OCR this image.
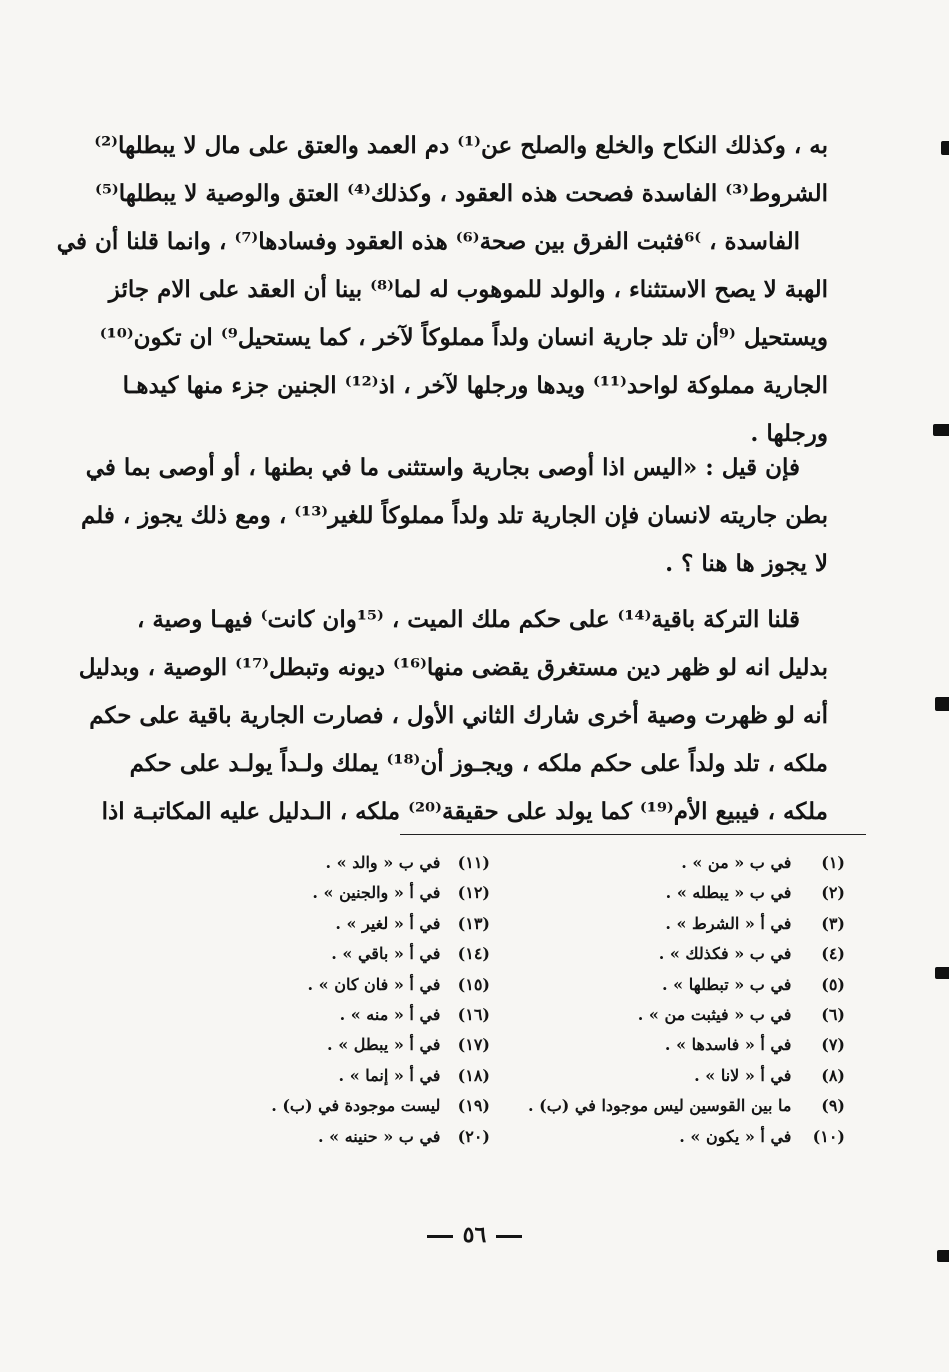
به ، وكذلك النكاح والخلع والصلح عن⁽¹⁾ دم العمد والعتق على مال لا يبطلها⁽²⁾
الشروط⁽³⁾ الفاسدة فصحت هذه العقود ، وكذلك⁽⁴⁾ العتق والوصية لا يبطلها⁽⁵⁾
الفاسدة ، ⁾⁶فثبت الفرق بين صحة⁽⁶⁾ هذه العقود وفسادها⁽⁷⁾ ، وانما قلنا أن في
الهبة لا يصح الاستثناء ، والولد للموهوب له لما⁽⁸⁾ بينا أن العقد على الام جائز
ويستحيل ⁽⁹أن تلد جارية انسان ولداً مملوكاً لآخر ، كما يستحيل⁹⁾ ان تكون⁽¹⁰⁾
الجارية مملوكة لواحد⁽¹¹⁾ ويدها ورجلها لآخر ، اذ⁽¹²⁾ الجنين جزء منها كيدهـا
ورجلها .
فإن قيل : «اليس اذا أوصى بجارية واستثنى ما في بطنها ، أو أوصى بما في
بطن جاريته لانسان فإن الجارية تلد ولداً مملوكاً للغير⁽¹³⁾ ، ومع ذلك يجوز ، فلم
لا يجوز ها هنا ؟ .
قلنا التركة باقية⁽¹⁴⁾ على حكم ملك الميت ، ⁽¹⁵وان كانت⁾ فيهـا وصية ،
بدليل انه لو ظهر دين مستغرق يقضى منها⁽¹⁶⁾ ديونه وتبطل⁽¹⁷⁾ الوصية ، وبدليل
أنه لو ظهرت وصية أخرى شارك الثاني الأول ، فصارت الجارية باقية على حكم
ملكه ، تلد ولداً على حكم ملكه ، ويجـوز أن⁽¹⁸⁾ يملك ولـداً يولـد على حكم
ملكه ، فيبيع الأم⁽¹⁹⁾ كما يولد على حقيقة⁽²⁰⁾ ملكه ، الـدليل عليه المكاتبـة اذا
(١) في ب « من » .
(٢) في ب « يبطله » .
(٣) في أ « الشرط » .
(٤) في ب « فكذلك » .
(٥) في ب « تبطلها » .
(٦) في ب « فيثبت من » .
(٧) في أ « فاسدها » .
(٨) في أ « لانا » .
(٩) ما بين القوسين ليس موجودا في (ب) .
(١٠) في أ « يكون » .
(١١) في ب « والد » .
(١٢) في أ « والجنين » .
(١٣) في أ « لغير » .
(١٤) في أ « باقي » .
(١٥) في أ « فان كان » .
(١٦) في أ « منه » .
(١٧) في أ « يبطل » .
(١٨) في أ « إنما » .
(١٩) ليست موجودة في (ب) .
(٢٠) في ب « حنينه » .
٥٦
